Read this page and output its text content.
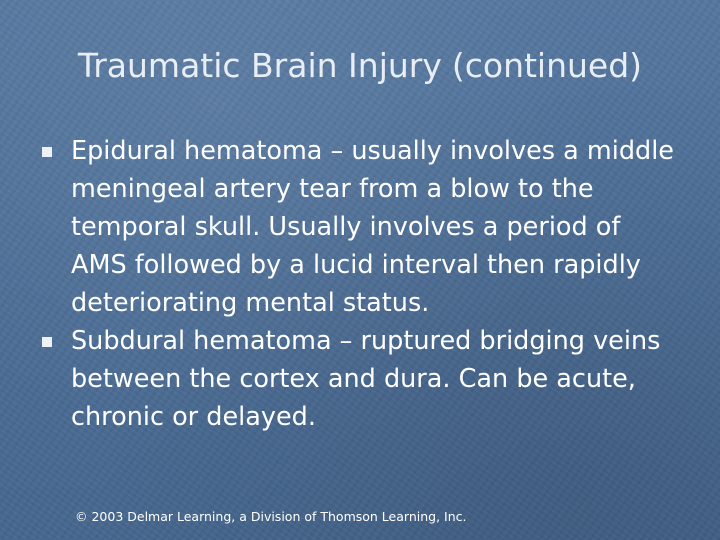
Traumatic Brain Injury (continued)
Epidural hematoma – usually involves a middle meningeal artery tear from a blow to the temporal skull. Usually involves a period of AMS followed by a lucid interval then rapidly deteriorating mental status.
Subdural hematoma – ruptured bridging veins between the cortex and dura. Can be acute, chronic or delayed.
© 2003 Delmar Learning, a Division of Thomson Learning, Inc.
